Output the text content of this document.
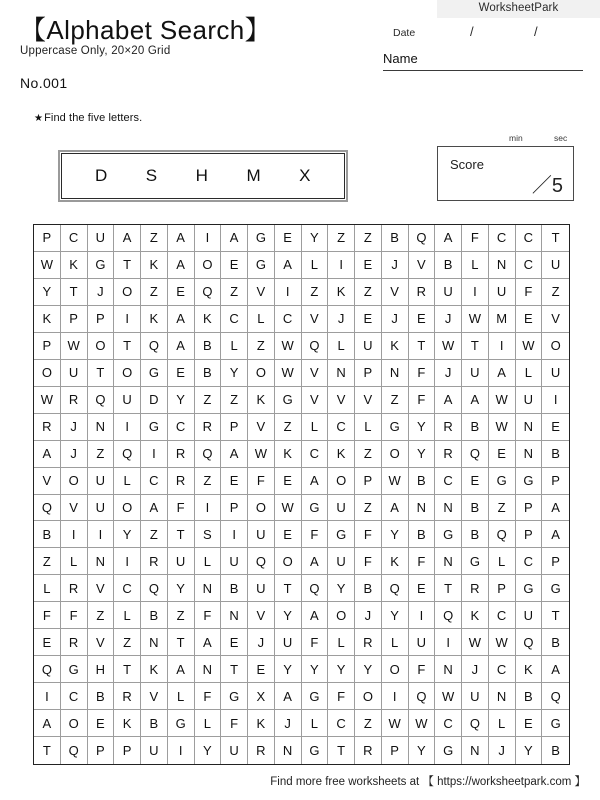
WorksheetPark
【Alphabet Search】
Uppercase Only, 20×20 Grid
No.001
Date	/	/
Name
★Find the five letters.
D S H M X
min	sec
Score
／5
P	C	U	A	Z	A	I	A	G	E	Y	Z	Z	B	Q	A	F	C	C	T
W	K	G	T	K	A	O	E	G	A	L	I	E	J	V	B	L	N	C	U
Y	T	J	O	Z	E	Q	Z	V	I	Z	K	Z	V	R	U	I	U	F	Z
K	P	P	I	K	A	K	C	L	C	V	J	E	J	E	J	W	M	E	V
P	W	O	T	Q	A	B	L	Z	W	Q	L	U	K	T	W	T	I	W	O
O	U	T	O	G	E	B	Y	O	W	V	N	P	N	F	J	U	A	L	U
W	R	Q	U	D	Y	Z	Z	K	G	V	V	V	Z	F	A	A	W	U	I
R	J	N	I	G	C	R	P	V	Z	L	C	L	G	Y	R	B	W	N	E
A	J	Z	Q	I	R	Q	A	W	K	C	K	Z	O	Y	R	Q	E	N	B
V	O	U	L	C	R	Z	E	F	E	A	O	P	W	B	C	E	G	G	P
Q	V	U	O	A	F	I	P	O	W	G	U	Z	A	N	N	B	Z	P	A
B	I	I	Y	Z	T	S	I	U	E	F	G	F	Y	B	G	B	Q	P	A
Z	L	N	I	R	U	L	U	Q	O	A	U	F	K	F	N	G	L	C	P
L	R	V	C	Q	Y	N	B	U	T	Q	Y	B	Q	E	T	R	P	G	G
F	F	Z	L	B	Z	F	N	V	Y	A	O	J	Y	I	Q	K	C	U	T
E	R	V	Z	N	T	A	E	J	U	F	L	R	L	U	I	W	W	Q	B
Q	G	H	T	K	A	N	T	E	Y	Y	Y	Y	O	F	N	J	C	K	A
I	C	B	R	V	L	F	G	X	A	G	F	O	I	Q	W	U	N	B	Q
A	O	E	K	B	G	L	F	K	J	L	C	Z	W	W	C	Q	L	E	G
T	Q	P	P	U	I	Y	U	R	N	G	T	R	P	Y	G	N	J	Y	B
Find more free worksheets at 【 https://worksheetpark.com 】
